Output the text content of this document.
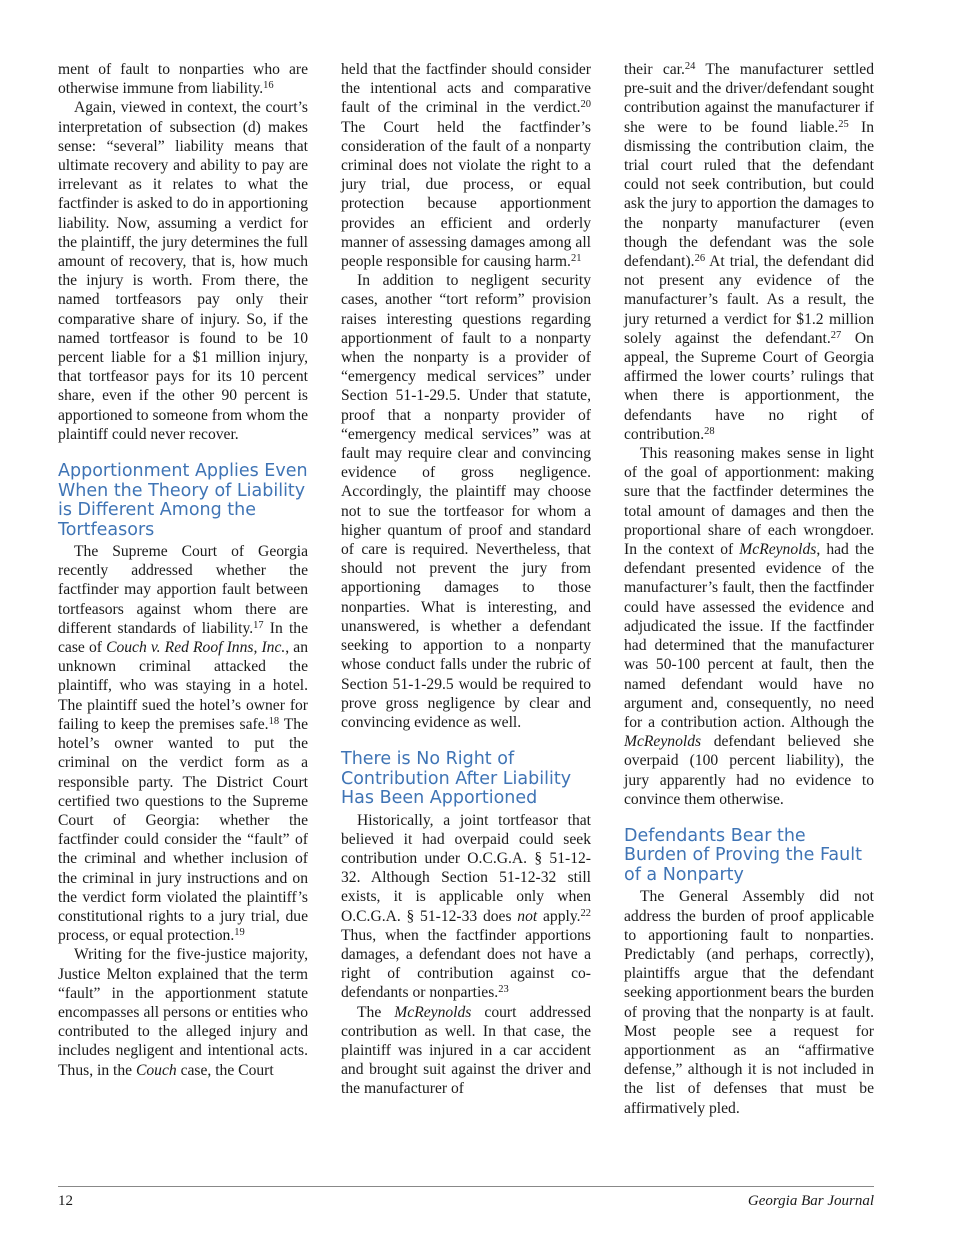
ment of fault to nonparties who are otherwise immune from liability.$^{16}$

Again, viewed in context, the court’s interpretation of subsection (d) makes sense: “several” liability means that ultimate recovery and ability to pay are irrelevant as it relates to what the factfinder is asked to do in apportioning liability. Now, assuming a verdict for the plaintiff, the jury determines the full amount of recovery, that is, how much the injury is worth. From there, the named tortfeasors pay only their comparative share of injury. So, if the named tortfeasor is found to be 10 percent liable for a $1 million injury, that tortfeasor pays for its 10 percent share, even if the other 90 percent is apportioned to someone from whom the plaintiff could never recover.

Apportionment Applies Even When the Theory of Liability is Different Among the Tortfeasors

The Supreme Court of Georgia recently addressed whether the factfinder may apportion fault between tortfeasors against whom there are different standards of liability.$^{17}$ In the case of Couch v. Red Roof Inns, Inc., an unknown criminal attacked the plaintiff, who was staying in a hotel. The plaintiff sued the hotel’s owner for failing to keep the premises safe.$^{18}$ The hotel’s owner wanted to put the criminal on the verdict form as a responsible party. The District Court certified two questions to the Supreme Court of Georgia: whether the factfinder could consider the “fault” of the criminal and whether inclusion of the criminal in jury instructions and on the verdict form violated the plaintiff’s constitutional rights to a jury trial, due process, or equal protection.$^{19}$

Writing for the five-justice majority, Justice Melton explained that the term “fault” in the apportionment statute encompasses all persons or entities who contributed to the alleged injury and includes negligent and intentional acts. Thus, in the Couch case, the Court

held that the factfinder should consider the intentional acts and comparative fault of the criminal in the verdict.$^{20}$ The Court held the factfinder’s consideration of the fault of a nonparty criminal does not violate the right to a jury trial, due process, or equal protection because apportionment provides an efficient and orderly manner of assessing damages among all people responsible for causing harm.$^{21}$

In addition to negligent security cases, another “tort reform” provision raises interesting questions regarding apportionment of fault to a nonparty when the nonparty is a provider of “emergency medical services” under Section 51-1-29.5. Under that statute, proof that a nonparty provider of “emergency medical services” was at fault may require clear and convincing evidence of gross negligence. Accordingly, the plaintiff may choose not to sue the tortfeasor for whom a higher quantum of proof and standard of care is required. Nevertheless, that should not prevent the jury from apportioning damages to those nonparties. What is interesting, and unanswered, is whether a defendant seeking to apportion to a nonparty whose conduct falls under the rubric of Section 51-1-29.5 would be required to prove gross negligence by clear and convincing evidence as well.

There is No Right of Contribution After Liability Has Been Apportioned

Historically, a joint tortfeasor that believed it had overpaid could seek contribution under O.C.G.A. § 51-12-32. Although Section 51-12-32 still exists, it is applicable only when O.C.G.A. § 51-12-33 does not apply.$^{22}$ Thus, when the factfinder apportions damages, a defendant does not have a right of contribution against co-defendants or nonparties.$^{23}$

The McReynolds court addressed contribution as well. In that case, the plaintiff was injured in a car accident and brought suit against the driver and the manufacturer of

their car.$^{24}$ The manufacturer settled pre-suit and the driver/defendant sought contribution against the manufacturer if she were to be found liable.$^{25}$ In dismissing the contribution claim, the trial court ruled that the defendant could not seek contribution, but could ask the jury to apportion the damages to the nonparty manufacturer (even though the defendant was the sole defendant).$^{26}$ At trial, the defendant did not present any evidence of the manufacturer’s fault. As a result, the jury returned a verdict for $1.2 million solely against the defendant.$^{27}$ On appeal, the Supreme Court of Georgia affirmed the lower courts’ rulings that when there is apportionment, the defendants have no right of contribution.$^{28}$

This reasoning makes sense in light of the goal of apportionment: making sure that the factfinder determines the total amount of damages and then the proportional share of each wrongdoer. In the context of McReynolds, had the defendant presented evidence of the manufacturer’s fault, then the factfinder could have assessed the evidence and adjudicated the issue. If the factfinder had determined that the manufacturer was 50-100 percent at fault, then the named defendant would have no argument and, consequently, no need for a contribution action. Although the McReynolds defendant believed she overpaid (100 percent liability), the jury apparently had no evidence to convince them otherwise.

Defendants Bear the Burden of Proving the Fault of a Nonparty

The General Assembly did not address the burden of proof applicable to apportioning fault to nonparties. Predictably (and perhaps, correctly), plaintiffs argue that the defendant seeking apportionment bears the burden of proving that the nonparty is at fault. Most people see a request for apportionment as an “affirmative defense,” although it is not included in the list of defenses that must be affirmatively pled.

12	Georgia Bar Journal
